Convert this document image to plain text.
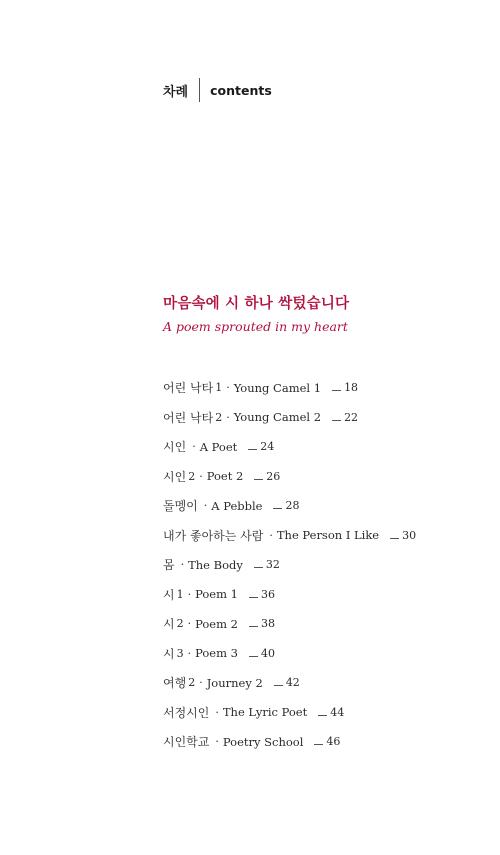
차례 contents
마음속에 시 하나 싹텄습니다
A poem sprouted in my heart
어린 낙타 1 · Young Camel 1 18
어린 낙타 2 · Young Camel 2 22
시인 · A Poet 24
시인 2 · Poet 2 26
돌멩이 · A Pebble 28
내가 좋아하는 사람 · The Person I Like 30
몸 · The Body 32
시 1 · Poem 1 36
시 2 · Poem 2 38
시 3 · Poem 3 40
여행 2 · Journey 2 42
서정시인 · The Lyric Poet 44
시인학교 · Poetry School 46
